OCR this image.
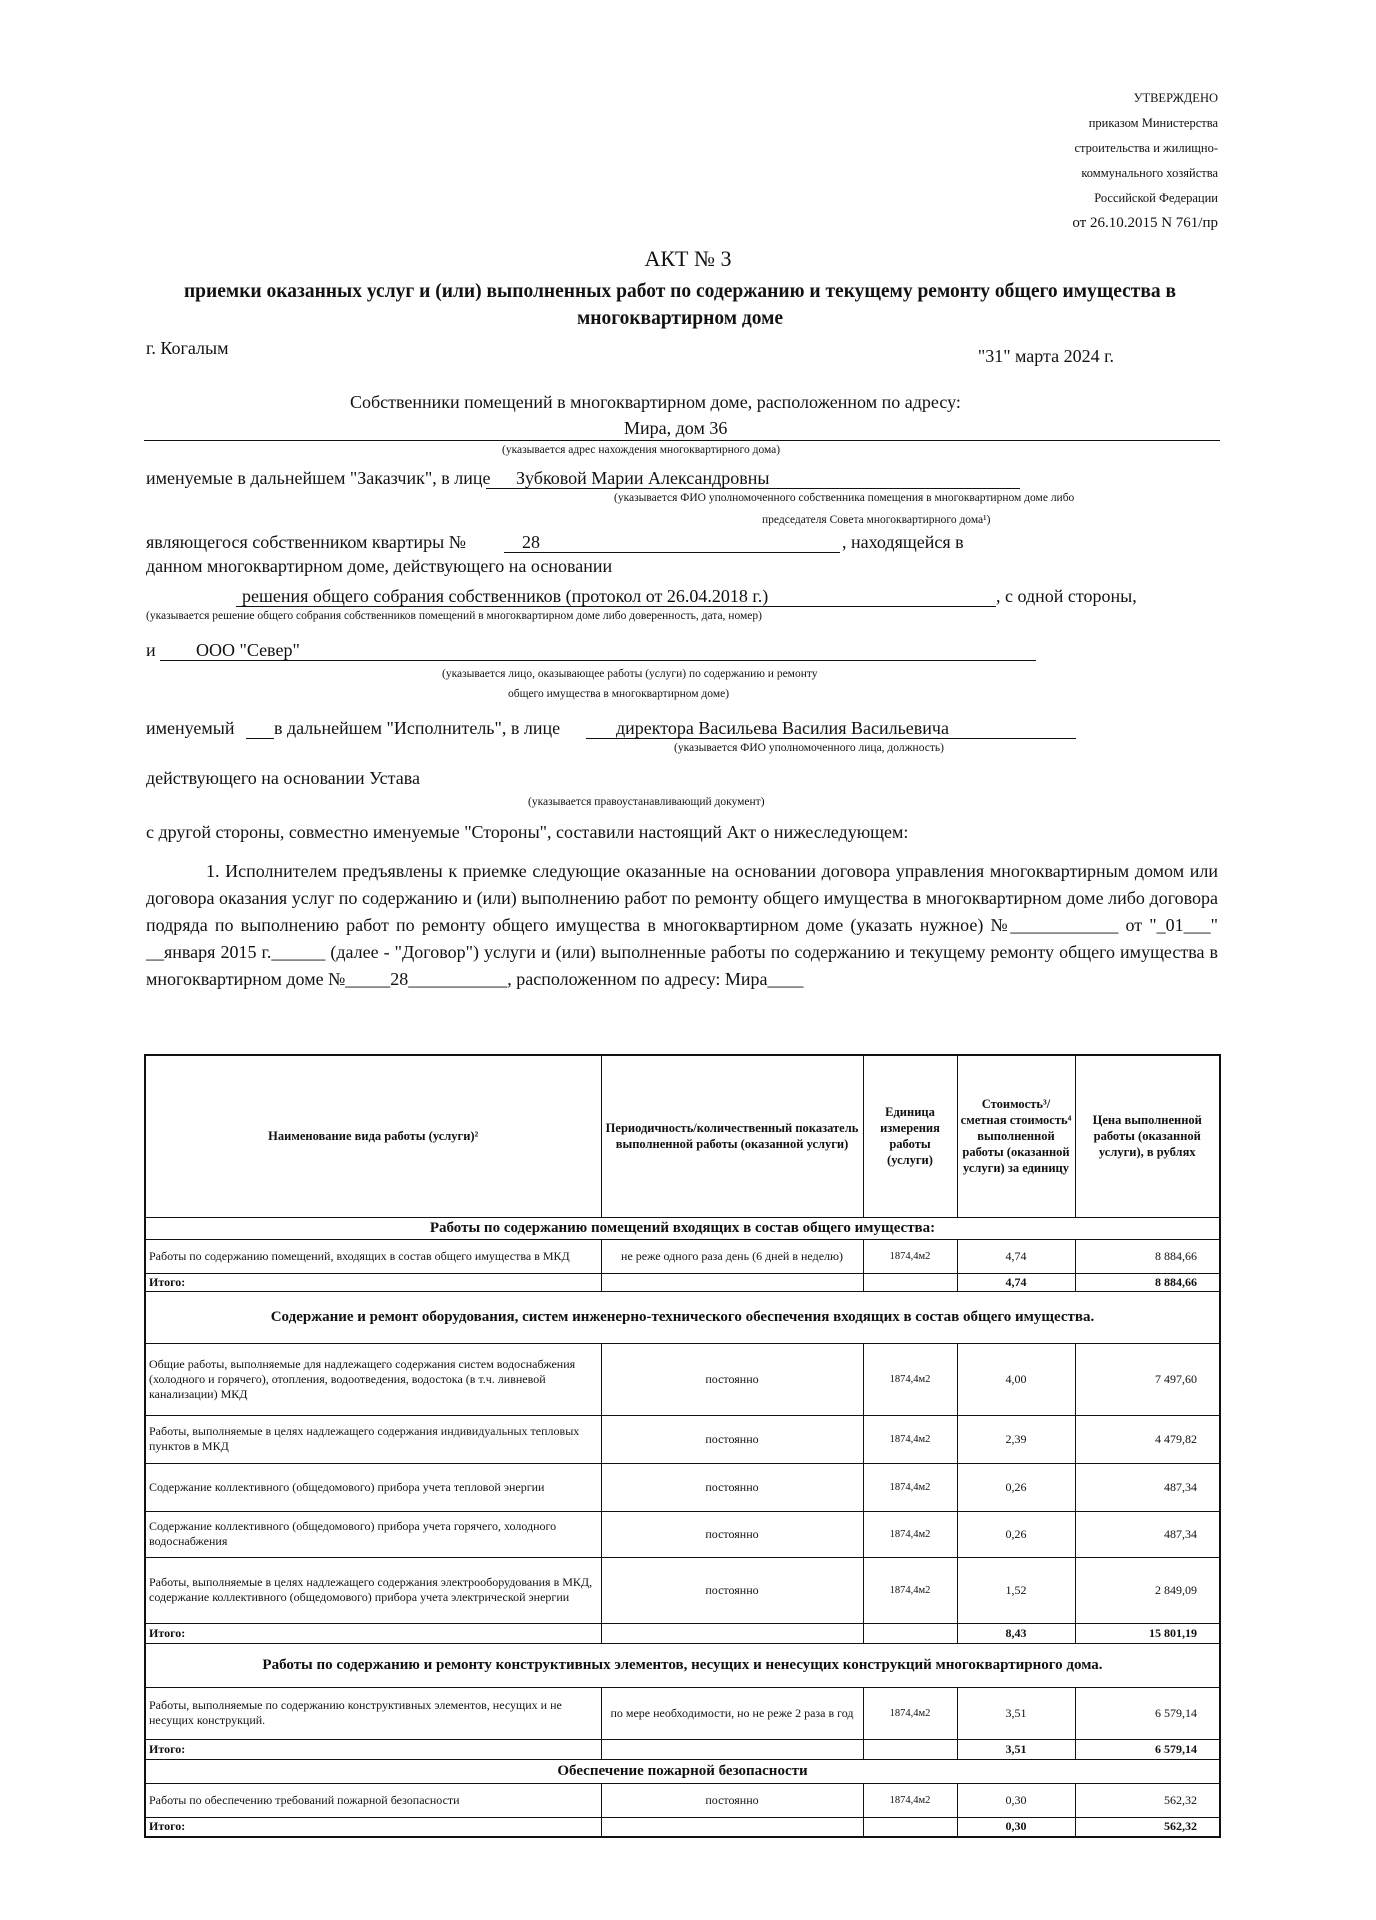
УТВЕРЖДЕНО
приказом Министерства
строительства и жилищно-
коммунального хозяйства
Российской Федерации
от 26.10.2015 N 761/пр
АКТ № 3
приемки оказанных услуг и (или) выполненных работ по содержанию и текущему ремонту общего имущества в многоквартирном доме
г. Когалым	"31" марта 2024 г.
Собственники помещений в многоквартирном доме, расположенном по адресу:
Мира, дом 36
(указывается адрес нахождения многоквартирного дома)
именуемые в дальнейшем "Заказчик", в лице Зубковой Марии Александровны
(указывается ФИО уполномоченного собственника помещения в многоквартирном доме либо
председателя Совета многоквартирного дома¹)
являющегося собственником квартиры №	28	, находящейся в
данном многоквартирном доме, действующего на основании
решения общего собрания собственников (протокол от 26.04.2018 г.)	, с одной стороны,
(указывается решение общего собрания собственников помещений в многоквартирном доме либо доверенность, дата, номер)
и ООО "Север"
(указывается лицо, оказывающее работы (услуги) по содержанию и ремонту
общего имущества в многоквартирном доме)
именуемый в дальнейшем "Исполнитель", в лице	директора Васильева Василия Васильевича
(указывается ФИО уполномоченного лица, должность)
действующего на основании Устава
(указывается правоустанавливающий документ)
с другой стороны, совместно именуемые "Стороны", составили настоящий Акт о нижеследующем:
1. Исполнителем предъявлены к приемке следующие оказанные на основании договора управления многоквартирным домом или договора оказания услуг по содержанию и (или) выполнению работ по ремонту общего имущества в многоквартирном доме либо договора подряда по выполнению работ по ремонту общего имущества в многоквартирном доме (указать нужное) №____________ от "_01___" __января 2015 г.______ (далее - "Договор") услуги и (или) выполненные работы по содержанию и текущему ремонту общего имущества в многоквартирном доме №_____28___________, расположенном по адресу: Мира____
Наименование вида работы (услуги)²	Периодичность/количественный показатель выполненной работы (оказанной услуги)	Единица измерения работы (услуги)	Стоимость³/сметная стоимость⁴ выполненной работы (оказанной услуги) за единицу	Цена выполненной работы (оказанной услуги), в рублях
Работы по содержанию помещений входящих в состав общего имущества:				
Работы по содержанию помещений, входящих в состав общего имущества в МКД	не реже одного раза день (6 дней в неделю)	1874,4м2	4,74	8 884,66
Итого:			4,74	8 884,66
Содержание и ремонт оборудования, систем инженерно-технического обеспечения входящих в состав общего имущества.				
Общие работы, выполняемые для надлежащего содержания систем водоснабжения (холодного и горячего), отопления, водоотведения, водостока (в т.ч. ливневой канализации) МКД	постоянно	1874,4м2	4,00	7 497,60
Работы, выполняемые в целях надлежащего содержания индивидуальных тепловых пунктов в МКД	постоянно	1874,4м2	2,39	4 479,82
Содержание коллективного (общедомового) прибора учета тепловой энергии	постоянно	1874,4м2	0,26	487,34
Содержание коллективного (общедомового) прибора учета горячего, холодного водоснабжения	постоянно	1874,4м2	0,26	487,34
Работы, выполняемые в целях надлежащего содержания электрооборудования в МКД, содержание коллективного (общедомового) прибора учета электрической энергии	постоянно	1874,4м2	1,52	2 849,09
Итого:			8,43	15 801,19
Работы по содержанию и ремонту конструктивных элементов, несущих и ненесущих конструкций многоквартирного дома.				
Работы, выполняемые по содержанию конструктивных элементов, несущих и не несущих конструкций.	по мере необходимости, но не реже 2 раза в год	1874,4м2	3,51	6 579,14
Итого:			3,51	6 579,14
Обеспечение пожарной безопасности				
Работы по обеспечению требований пожарной безопасности	постоянно	1874,4м2	0,30	562,32
Итого:			0,30	562,32
